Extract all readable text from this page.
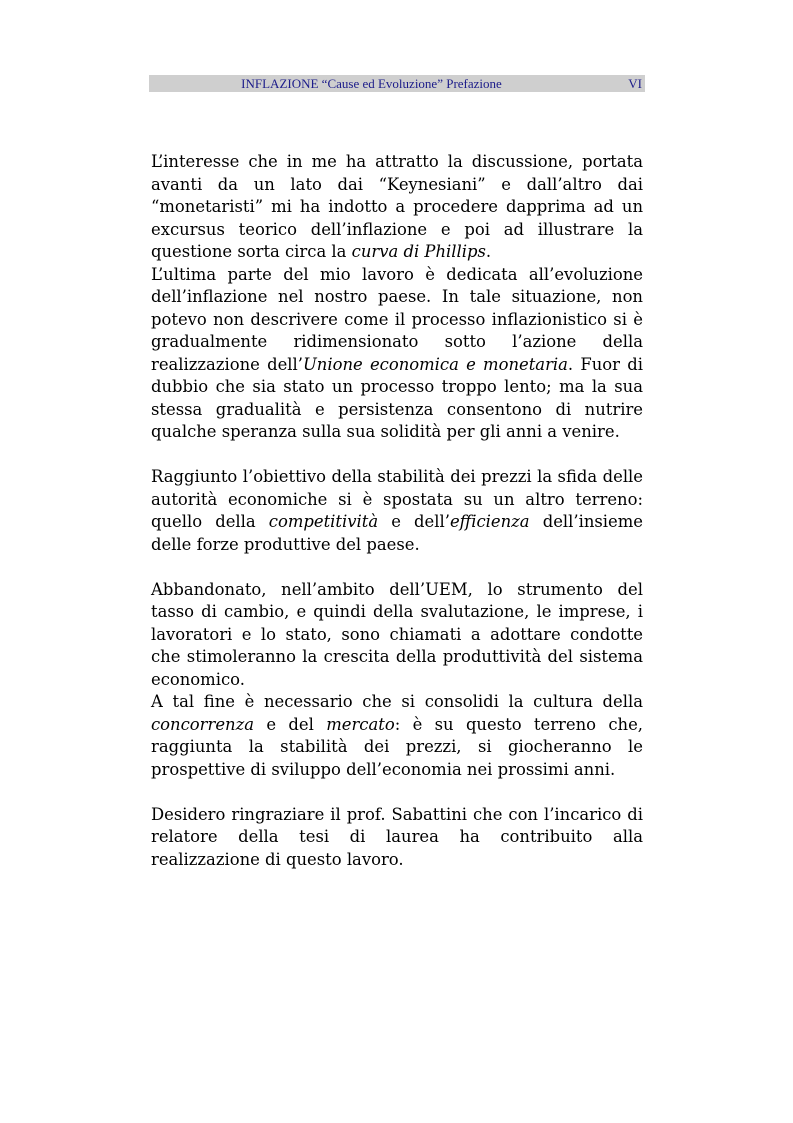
INFLAZIONE “Cause ed Evoluzione” Prefazione	VI

L’interesse che in me ha attratto la discussione, portata avanti da un lato dai “Keynesiani” e dall’altro dai “monetaristi” mi ha indotto a procedere dapprima ad un excursus teorico dell’inflazione e poi ad illustrare la questione sorta circa la curva di Phillips.

L’ultima parte del mio lavoro è dedicata all’evoluzione dell’inflazione nel nostro paese. In tale situazione, non potevo non descrivere come il processo inflazionistico si è gradualmente ridimensionato sotto l’azione della realizzazione dell’Unione economica e monetaria. Fuor di dubbio che sia stato un processo troppo lento; ma la sua stessa gradualità e persistenza consentono di nutrire qualche speranza sulla sua solidità per gli anni a venire.

Raggiunto l’obiettivo della stabilità dei prezzi la sfida delle autorità economiche si è spostata su un altro terreno: quello della competitività e dell’efficienza dell’insieme delle forze produttive del paese.

Abbandonato, nell’ambito dell’UEM, lo strumento del tasso di cambio, e quindi della svalutazione, le imprese, i lavoratori e lo stato, sono chiamati a adottare condotte che stimoleranno la crescita della produttività del sistema economico.

A tal fine è necessario che si consolidi la cultura della concorrenza e del mercato: è su questo terreno che, raggiunta la stabilità dei prezzi, si giocheranno le prospettive di sviluppo dell’economia nei prossimi anni.

Desidero ringraziare il prof. Sabattini che con l’incarico di relatore della tesi di laurea ha contribuito alla realizzazione di questo lavoro.
